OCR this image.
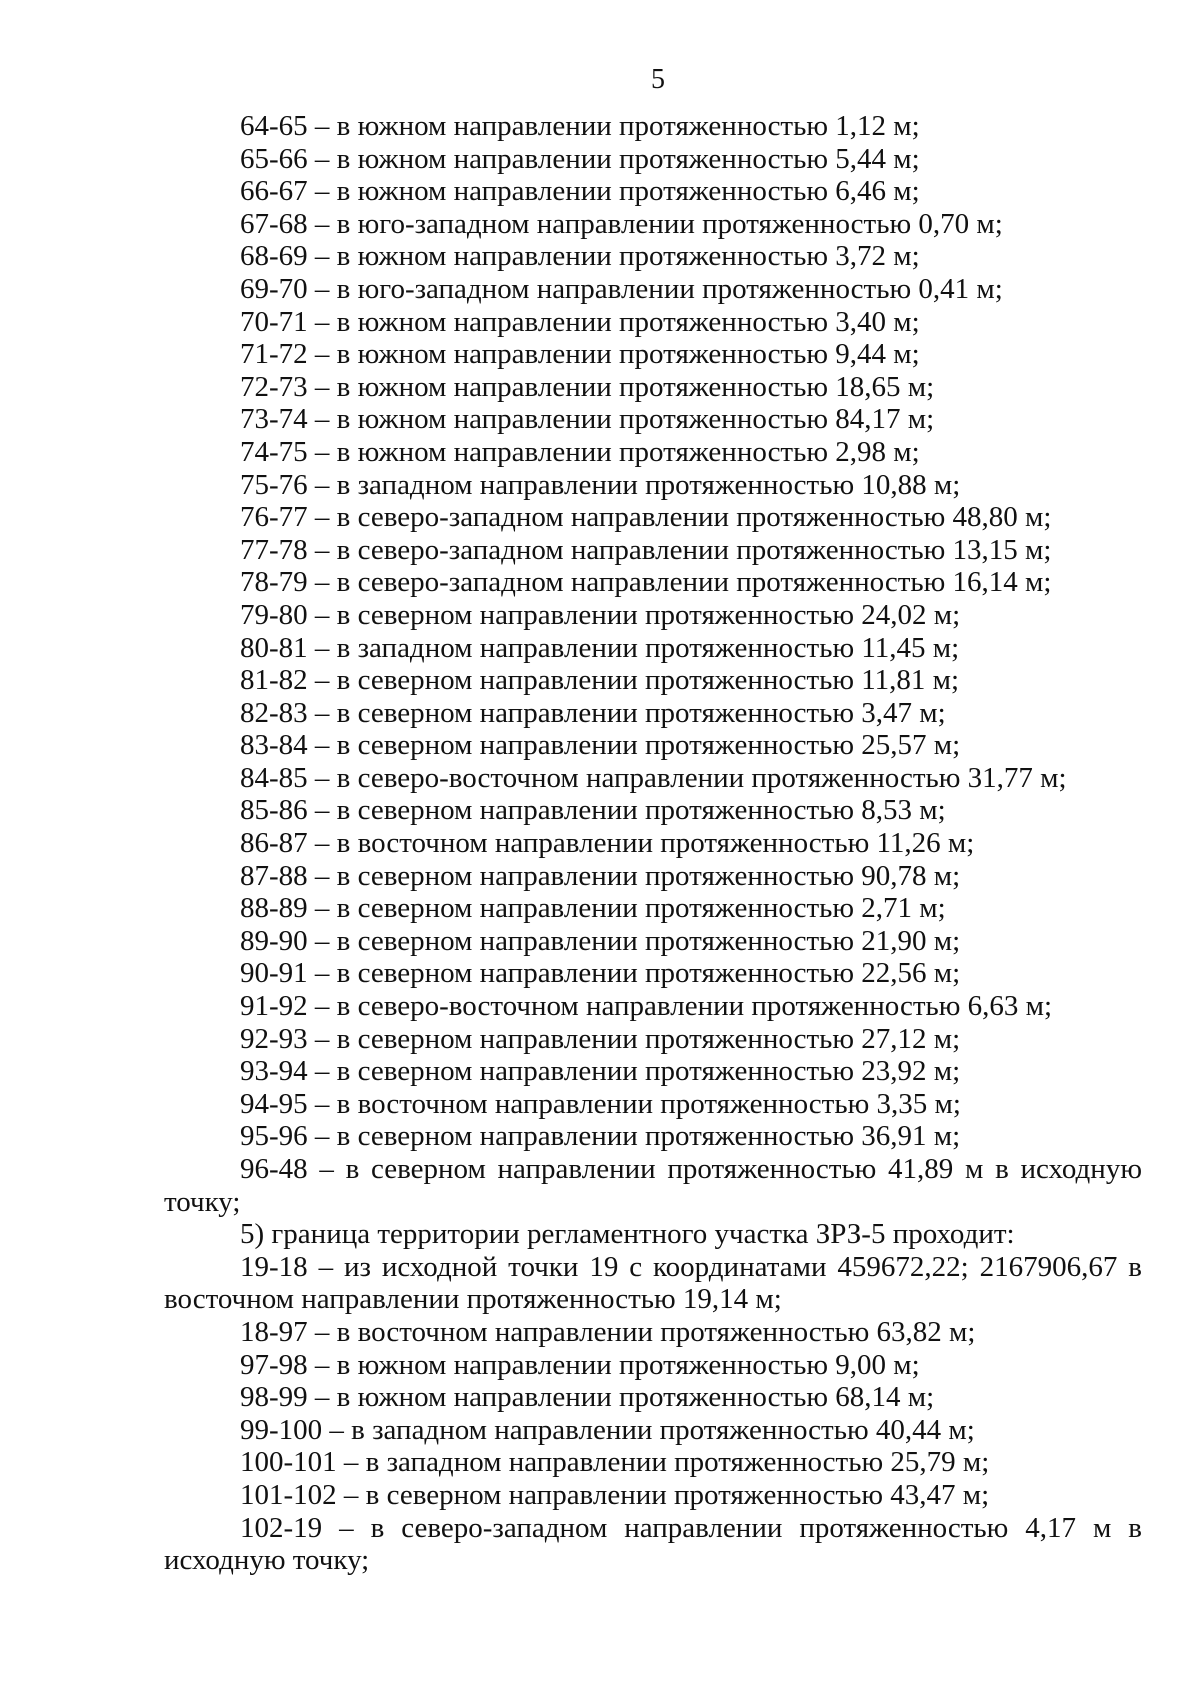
5
64-65 – в южном направлении протяженностью 1,12 м;
65-66 – в южном направлении протяженностью 5,44 м;
66-67 – в южном направлении протяженностью 6,46 м;
67-68 – в юго-западном направлении протяженностью 0,70 м;
68-69 – в южном направлении протяженностью 3,72 м;
69-70 – в юго-западном направлении протяженностью 0,41 м;
70-71 – в южном направлении протяженностью 3,40 м;
71-72 – в южном направлении протяженностью 9,44 м;
72-73 – в южном направлении протяженностью 18,65 м;
73-74 – в южном направлении протяженностью 84,17 м;
74-75 – в южном направлении протяженностью 2,98 м;
75-76 – в западном направлении протяженностью 10,88 м;
76-77 – в северо-западном направлении протяженностью 48,80 м;
77-78 – в северо-западном направлении протяженностью 13,15 м;
78-79 – в северо-западном направлении протяженностью 16,14 м;
79-80 – в северном направлении протяженностью 24,02 м;
80-81 – в западном направлении протяженностью 11,45 м;
81-82 – в северном направлении протяженностью 11,81 м;
82-83 – в северном направлении протяженностью 3,47 м;
83-84 – в северном направлении протяженностью 25,57 м;
84-85 – в северо-восточном направлении протяженностью 31,77 м;
85-86 – в северном направлении протяженностью 8,53 м;
86-87 – в восточном направлении протяженностью 11,26 м;
87-88 – в северном направлении протяженностью 90,78 м;
88-89 – в северном направлении протяженностью 2,71 м;
89-90 – в северном направлении протяженностью 21,90 м;
90-91 – в северном направлении протяженностью 22,56 м;
91-92 – в северо-восточном направлении протяженностью 6,63 м;
92-93 – в северном направлении протяженностью 27,12 м;
93-94 – в северном направлении протяженностью 23,92 м;
94-95 – в восточном направлении протяженностью 3,35 м;
95-96 – в северном направлении протяженностью 36,91 м;
96-48 – в северном направлении протяженностью 41,89 м в исходную точку;
5) граница территории регламентного участка ЗРЗ-5 проходит:
19-18 – из исходной точки 19 с координатами 459672,22; 2167906,67 в восточном направлении протяженностью 19,14 м;
18-97 – в восточном направлении протяженностью 63,82 м;
97-98 – в южном направлении протяженностью 9,00 м;
98-99 – в южном направлении протяженностью 68,14 м;
99-100 – в западном направлении протяженностью 40,44 м;
100-101 – в западном направлении протяженностью 25,79 м;
101-102 – в северном направлении протяженностью 43,47 м;
102-19 – в северо-западном направлении протяженностью 4,17 м в исходную точку;
